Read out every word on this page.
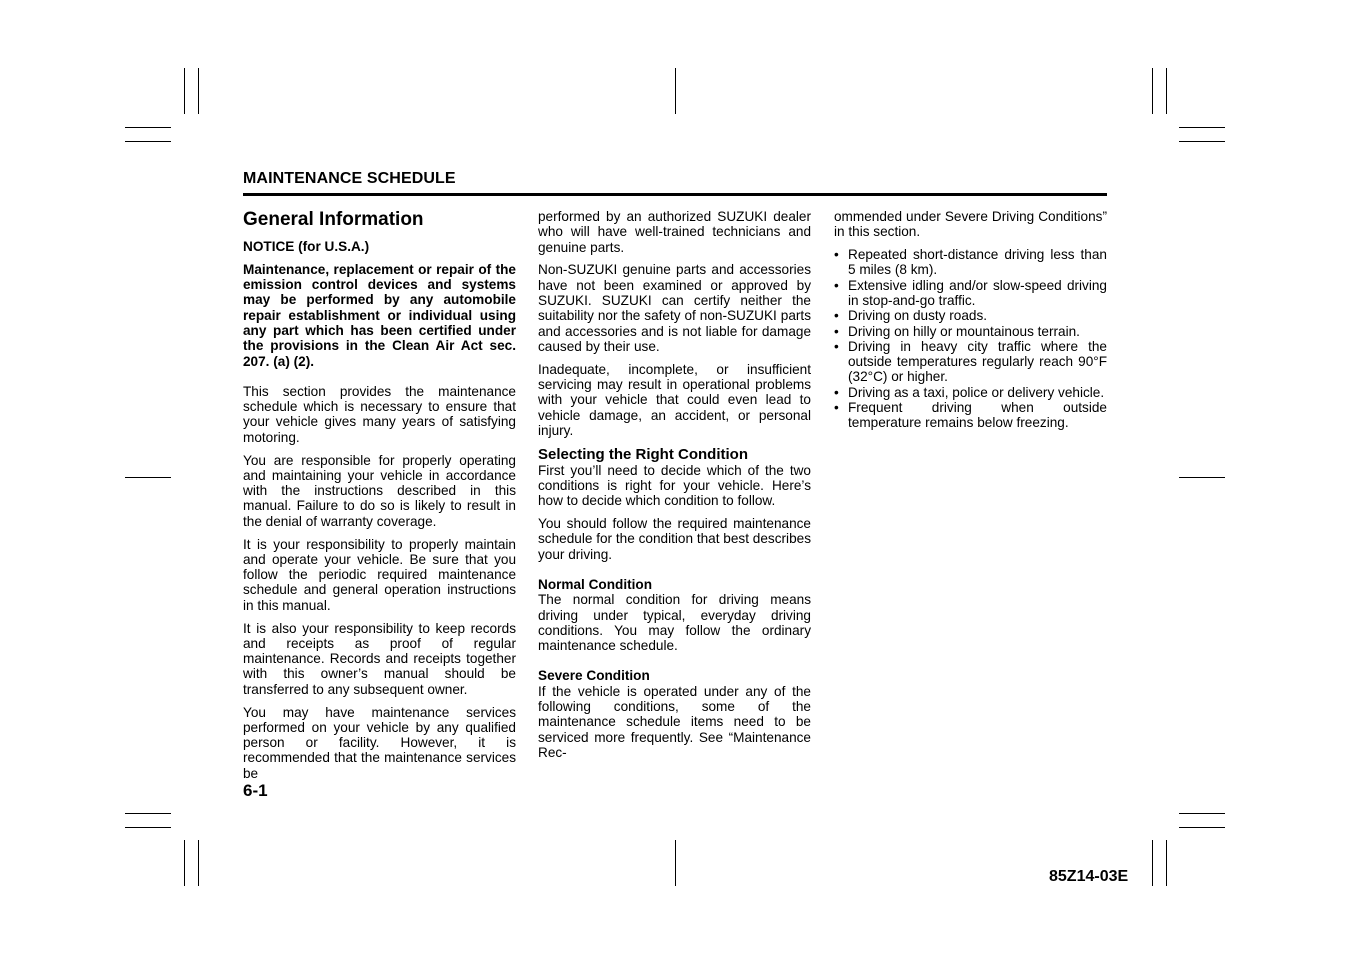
MAINTENANCE SCHEDULE
General Information

NOTICE (for U.S.A.)

Maintenance, replacement or repair of the emission control devices and systems may be performed by any automobile repair establishment or individual using any part which has been certified under the provisions in the Clean Air Act sec. 207. (a) (2).

This section provides the maintenance schedule which is necessary to ensure that your vehicle gives many years of satisfying motoring.

You are responsible for properly operating and maintaining your vehicle in accordance with the instructions described in this manual. Failure to do so is likely to result in the denial of warranty coverage.

It is your responsibility to properly maintain and operate your vehicle. Be sure that you follow the periodic required maintenance schedule and general operation instructions in this manual.

It is also your responsibility to keep records and receipts as proof of regular maintenance. Records and receipts together with this owner’s manual should be transferred to any subsequent owner.

You may have maintenance services performed on your vehicle by any qualified person or facility. However, it is recommended that the maintenance services be

performed by an authorized SUZUKI dealer who will have well-trained technicians and genuine parts.

Non-SUZUKI genuine parts and accessories have not been examined or approved by SUZUKI. SUZUKI can certify neither the suitability nor the safety of non-SUZUKI parts and accessories and is not liable for damage caused by their use.

Inadequate, incomplete, or insufficient servicing may result in operational problems with your vehicle that could even lead to vehicle damage, an accident, or personal injury.

Selecting the Right Condition

First you’ll need to decide which of the two conditions is right for your vehicle. Here’s how to decide which condition to follow.

You should follow the required maintenance schedule for the condition that best describes your driving.

Normal Condition

The normal condition for driving means driving under typical, everyday driving conditions. You may follow the ordinary maintenance schedule.

Severe Condition

If the vehicle is operated under any of the following conditions, some of the maintenance schedule items need to be serviced more frequently. See “Maintenance Rec-

ommended under Severe Driving Conditions” in this section.

• Repeated short-distance driving less than 5 miles (8 km).
• Extensive idling and/or slow-speed driving in stop-and-go traffic.
• Driving on dusty roads.
• Driving on hilly or mountainous terrain.
• Driving in heavy city traffic where the outside temperatures regularly reach 90°F (32°C) or higher.
• Driving as a taxi, police or delivery vehicle.
• Frequent driving when outside temperature remains below freezing.
6-1
85Z14-03E
